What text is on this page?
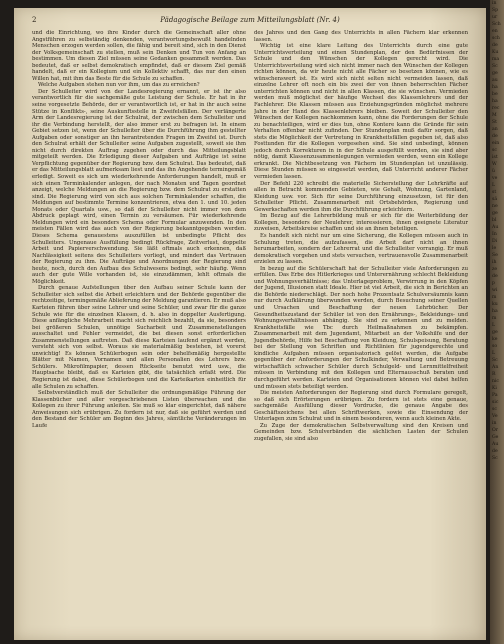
2	Pädagogische Beilage zum Mitteilungsblatt (Nr. 4)

und die Einrichtung, wo ihre Kinder durch die Gemeinschaft aller ohne Angstführen zu selbständig denkenden, verantwortungsbewußt handelnden Menschen erzogen werden sollen, die fähig und bereit sind, sich in den Dienst der Volksgemeinschaft zu stellen, muß sein Denken und Tun von Anfang an bestimmen. Um diesen Ziel müssen seine Gedanken gesammelt werden. Das bedeutet, daß er selbst demokratisch empfindet, daß er diesem Ziel gemäß handelt, daß er ein Kollegium und ein Kollektiv schafft, das nur den einen Willen hat, mit ihm das Beste für die Schule zu schaffen.

Welche Aufgaben stehen nun vor ihm, um das zu erreichen?

Der Schulleiter wird von der Landesregierung ernannt, er ist ihr also verantwortlich für die sachgemäße gute Leistung der Schule. Er hat in ihr seine vorgesetzte Behörde, der er verantwortlich ist, er hat in ihr auch seine Stütze in Konflikts-, seine Auskunftsstelle in Zweifelsfällen. Der verlängerte Arm der Landesregierung ist der Schulrat, der zwischen dem Schulleiter und ihr die Verbindung herstellt, der also immer erst zu befragen ist. In einem Gebiet setzen ist, wenn der Schulleiter über die Durchführung ihm gestellter Aufgaben oder sonstiger an ihn herantretenden Fragen im Zweifel ist. Durch den Schulrat erhält der Schulleiter seine Aufgaben zugestellt, soweit sie ihm nicht durch direkten Auftrag zugehen oder durch das Mitteilungsblatt mitgeteilt werden. Die Erledigung dieser Aufgaben und Aufträge ist seine Verpflichtung gegenüber der Regierung bzw. dem Schulrat. Das bedeutet, daß er das Mitteilungsblatt aufmerksam liest und das ihn Angehende termingemäß erledigt. Soweit es sich um wiederkehrende Anforderungen handelt, muß er sich einen Terminkalender anlegen, der nach Monaten und Tagen geordnet anzeigt, welche Meldungen an die Regierung bzw. dem Schulrat zu erstatten sind. Die Regierung wird von sich aus solchen Terminkalender schaffen, die Meldungen auf bestimmte Termine konzentrieren, etwa den 1. und 10. jeden Monats oder Quartals usw., so daß der Schulleiter nicht immer von dem Abdruck geplagt wird, einen Termin zu versäumen. Für wiederkehrende Meldungen wird ein besonders Schema oder Formular anzuwenden. In den meisten Fällen wird das auch von der Regierung bekanntgegeben werden. Dieses Schema genauestens auszufüllen ist unbedingte Pflicht des Schulleiters. Ungenaue Ausfüllung bedingt Rückfrage, Zeitverlust, doppelte Arbeit und Papierverschwendung. Sie läßt oftmals auch erkennen, daß Nachlässigkeit seitens des Schulleiters vorliegt, und mindert das Vertrauen der Regierung zu ihm. Die Aufträge und Anordnungen der Regierung sind heute, noch, durch den Aufbau des Schulwesens bedingt, sehr häufig. Wenn auch der gute Wille vorhanden ist, sie einzudämmen, lehlt oftmals die Möglichkeit.

Durch genaue Aufstellungen über den Aufbau seiner Schule kann der Schulleiter sich selbst die Arbeit erleichtern und der Behörde gegenüber die rechtzeitige, termingemäße Ablieferung der Meldung garantieren. Er muß also Karteien führen über seine Lehrer und seine Schüler, und zwar für die ganze Schule wie für die einzelnen Klassen, d. h. also in doppelter Ausfertigung. Diese anfängliche Mehrarbeit macht sich reichlich bezahlt, da sie, besonders bei größeren Schulen, unnötige Sucharbeit und Zusammenstellungen ausschaltet und Fehler vermeidet, die bei diesen sonst erforderlichen Zusammenstellungen auftreten. Daß diese Karteien laufend ergänzt werden, versteht sich von selbst. Woraus sie materialmäßig bestehen, ist vorerst unwichtig! Es können Schülerbogen sein oder behelfsmäßig hergestellte Blätter mit Namen, Vornamen und allen Personalien des Lehrers bzw. Schülers. Mikrofilmpapier, dessen Rückseite benutzt wird usw., die Hauptsache bleibt, daß es Karteien gibt, die tatsächlich erfaßt wird. Die Regierung ist dabei, diese Schülerbogen und die Karteikarten einheitlich für alle Schulen zu schaffen.

Selbstverständlich muß der Schulleiter die ordnungsmäßige Führung der Klassenbücher und aller vorgeschriebenen Listen überwachen und die Kollegen zu ihrer Führung anleiten. Sie muß so klar eingerichtet, daß nähere Anweisungen sich erübrigen. Zu fordern ist nur, daß sie geführt werden und den Bestand der Schüler am Beginn des Jahres, sämtliche Veränderungen im Laufe

des Jahres und den Gang des Unterrichts in allen Fächern klar erkennen lassen.

Wichtig ist eine klare Leitung des Unterrichts durch eine gute Unterrichtsverteilung und einen Stundenplan, der den Bedürfnissen der Schule und den Wünschen der Kollegen gerecht wird. Die Unterrichtsverteilung wird sich nicht immer nach den Wünschen der Kollegen richten können, da wir heute nicht alle Fächer so besetzen können, wie es wünschenswert ist. Es wird sich nicht selten nicht vermeiden lassen, daß einzelne Lehrer oft noch ein bis zwei der von ihnen beherrschten Fächer unterrichten können und nicht in allen Klassen, die sie wünschen. Vermieden werden muß möglichst der häufige Wechsel des Klassenlehrers und der Fachlehrer. Die Klassen müssen aus Erziehungsgründen möglichst mehrere Jahre in der Hand des Klassenlehrers bleiben. Soweit der Schulleiter den Wünschen der Kollegen nachkommen kann, ohne die Forderungen der Schule zu benachteiligen, wird er dies tun, ohne Kontere kann die Gründe für sein Verhalten offenbar nicht zufinden. Der Stundenplan muß dafür sorgen, daß stets die Möglichkeit der Vertretung in Krankheitsfällen gegeben ist, daß also Fosttunden für die Kollegen vorgesehen sind. Sie sind unbedingt, können jedoch durch Korrekturen in in der Schule ausgefüllt werden, sie sind aber nötig, damit Klassenzusammenlegungen vermieden werden, wenn ein Kollege erkrankt. Die Nichtbesetzung von Fächern im Stundenplan ist unzulässig. Diese Stunden müssen so eingesetzt werden, daß Unterricht anderer Fächer vermieden lassen.

Der Befehl 220 schreibt die materielle Sicherstellung der Lehrkräfte auf allen in Betracht kommenden Gebieten, wie Gehalt, Wohnung, Gartenland, Kleidung usw. vor. Sich für seine Durchführung einzusetzen, ist für den Schulleiter Pflicht. Zusammenarbeit mit Ortsbehörden, Regierung und Gewerkschaften werden ihm die Durchführung erleichtern.

Im Bezug auf die Lehrerbildung muß er sich für die Weiterbildung der Kollegen, besonders der Neulehrer, interessieren, ihnen geeignete Literatur zuweisen, Arbeitskreise schaffen und sie an ihnen beteiligen.

Es handelt sich nicht nur um eine Sicherung, die Kollegen müssen auch in Schulung treten, die aufzufassen, die Arbeit darf nicht an ihnen herumarbeiten, sondern der Lehrerrat und die Schulleiter vorrangig. Er muß demokratisch vorgehen und stets versuchen, vertrauensvolle Zusammenarbeit erzielen zu lassen.

In bezug auf die Schülerschaft hat der Schulleiter viele Anforderungen zu erfüllen. Das Erbe des Hitlerkrieges und Unterernährung schlecht Bekleidung und Wohnungsverhältnisse; das Unterlageproblem, Verwirrung in den Köpfen der Jugend, Illusionen statt Ideale. Hier ist viel Arbeit, die sich in Berichten an die Behörde niederschlägt. Der noch hohe Prozentsatz Schulversäumnis kann nur durch Aufklärung überwunden werden, durch Besuchung seiner Quellen und Ursachen und Beschaffung der neuen Lehrbücher. Der Gesundheitszustand der Schüler ist von den Ernährungs-, Bekleidungs- und Wohnungsverhältnissen abhängig. Sie sind zu erkennen und zu melden. Krankheitsfälle wie Tbc durch Heilmaßnahmen zu bekämpfen. Zusammenarbeit mit dem Jugendamt, Mitarbeit an der Volkshilfe und der Jugendbehörde, Hilfe bei Beschaffung von Kleidung, Schulspeisung, Beratung bei der Stellung von Schriften und Richtlinien für jugendgerechte und kindliche Aufgaben müssen organisatorisch gelöst werden, die Aufgabe gegenüber der Anforderungen der Schulkinder, Verwaltung und Betreuung wirtschaftlich schwacher Schüler durch Schulgeld- und Lernmittelfreiheit müssen in Verbindung mit den Kollegen und Elternausschuß beraten und durchgeführt werden. Karteien und Organisationen können viel dabei helfen und müssen stets beteiligt werden.

Die meisten Anforderungen der Regierung sind durch Formulare geregelt, so daß sich Erörterungen erübrigen. Zu fordern ist stets eine genaue, sachgemäße Ausfüllung dieser Vordrucke, die genaue Angabe des Geschäftszeichens bei allen Schriftwerken, sowie die Einsendung der Unterlagen zum Schulrat und in einem besonderen, wenn auch kleinen Akte.

Zu Zuge der demokratischen Selbstverwaltung sind den Kreisen und Gemeinden bzw. Schulverbänden die sächlichen Lasten der Schulen zugefallen, sie sind also

in
Sp
ur
Sch
en
sch
de
Ku
ma
Sc
ge
au
ha
be
ha
rec
M
St
an
de
ein
sc
ist
W
ü
ve
L
st
sä
ne
ge
bl
Au
In
Di
le
Se
ih
ze
de
p
wi
m
ku
ha
m
L
ge
ke
so
L
Sc
An
R
nic
Ki
Pa
sic
sc
Ve
in
Or
Ge
Au
de
Sc
